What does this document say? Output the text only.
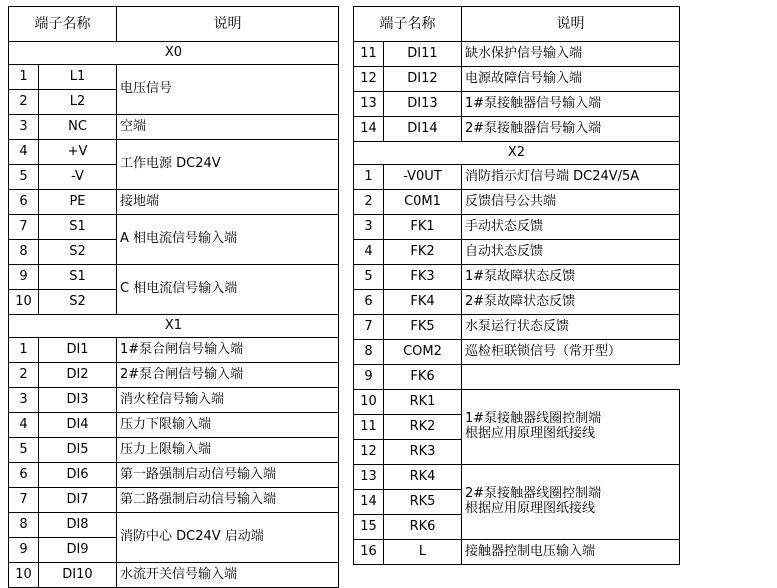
端子名称		说明
X0		
1	L1	电压信号
2	L2	
3	NC	空端
4	+V	工作电源 DC24V
5	-V	
6	PE	接地端
7	S1	A 相电流信号输入端
8	S2	
9	S1	C 相电流信号输入端
10	S2	
X1		
1	DI1	1#泵合闸信号输入端
2	DI2	2#泵合闸信号输入端
3	DI3	消火栓信号输入端
4	DI4	压力下限输入端
5	DI5	压力上限输入端
6	DI6	第一路强制启动信号输入端
7	DI7	第二路强制启动信号输入端
8	DI8	消防中心 DC24V 启动端
9	DI9	
10	DI10	水流开关信号输入端
端子名称		说明
11	DI11	缺水保护信号输入端
12	DI12	电源故障信号输入端
13	DI13	1#泵接触器信号输入端
14	DI14	2#泵接触器信号输入端
X2		
1	-V0UT	消防指示灯信号端 DC24V/5A
2	C0M1	反馈信号公共端
3	FK1	手动状态反馈
4	FK2	自动状态反馈
5	FK3	1#泵故障状态反馈
6	FK4	2#泵故障状态反馈
7	FK5	水泵运行状态反馈
8	COM2	巡检柜联锁信号（常开型）
9	FK6	
10	RK1	1#泵接触器线圈控制端
根据应用原理图纸接线
11	RK2	
12	RK3	
13	RK4	2#泵接触器线圈控制端
根据应用原理图纸接线
14	RK5	
15	RK6	
16	L	接触器控制电压输入端
